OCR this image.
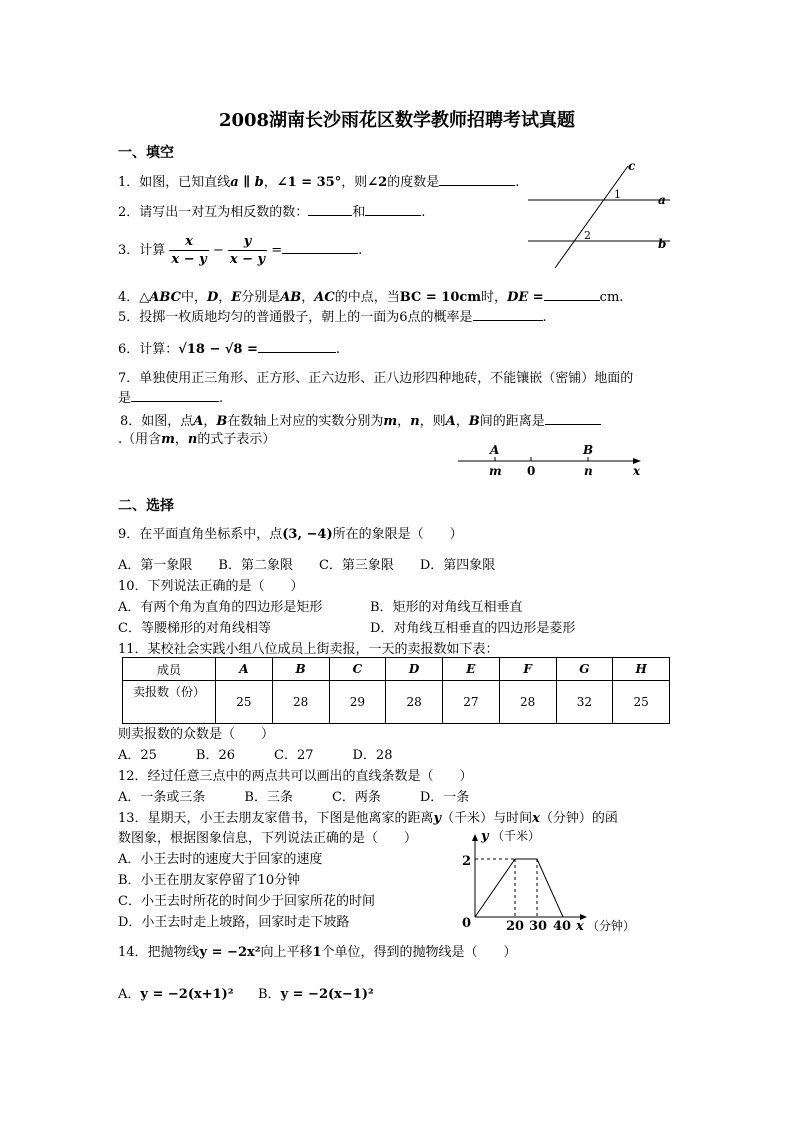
2008湖南长沙雨花区数学教师招聘考试真题
一、填空
1．如图，已知直线a ∥ b，∠1 = 35°，则∠2的度数是	.
2．请写出一对互为相反数的数：	和	.
3．计算 $\frac{x}{x - y} - \frac{y}{x - y}$ =	.
c
a
b
1
2
4．△ABC中，D，E分别是AB，AC的中点，当BC = 10cm时，DE =	cm.
5．投掷一枚质地均匀的普通骰子，朝上的一面为6点的概率是	.
6．计算：√18 − √8 =	.
7．单独使用正三角形、正方形、正六边形、正八边形四种地砖，不能镶嵌（密铺）地面的
是	.
8．如图，点A，B在数轴上对应的实数分别为m，n，则A，B间的距离是
.（用含m，n的式子表示）
A	B
m 0	n	x
二、选择
9．在平面直角坐标系中，点(3, −4)所在的象限是（　　）
A．第一象限　　B．第二象限　　C．第三象限　　D．第四象限
10．下列说法正确的是（　　）
A．有两个角为直角的四边形是矩形	B．矩形的对角线互相垂直
C．等腰梯形的对角线相等	D．对角线互相垂直的四边形是菱形
11．某校社会实践小组八位成员上街卖报，一天的卖报数如下表：
成员	A	B	C	D	E	F	G	H
卖报数（份）	25	28	29	28	27	28	32	25
则卖报数的众数是（　　）
A．25　　　B．26　　　C．27　　　D．28
12．经过任意三点中的两点共可以画出的直线条数是（　　）
A．一条或三条　　　B．三条　　　C．两条　　　D．一条
13．星期天，小王去朋友家借书，下图是他离家的距离y（千米）与时间x（分钟）的函
数图象，根据图象信息，下列说法正确的是（　　）
A．小王去时的速度大于回家的速度
B．小王在朋友家停留了10分钟
C．小王去时所花的时间少于回家所花的时间
D．小王去时走上坡路，回家时走下坡路
y （千米）
2
0	20 30 40 x （分钟）
14．把抛物线y = −2x²向上平移1个单位，得到的抛物线是（　　）
A．y = −2(x+1)² B．y = −2(x−1)²
